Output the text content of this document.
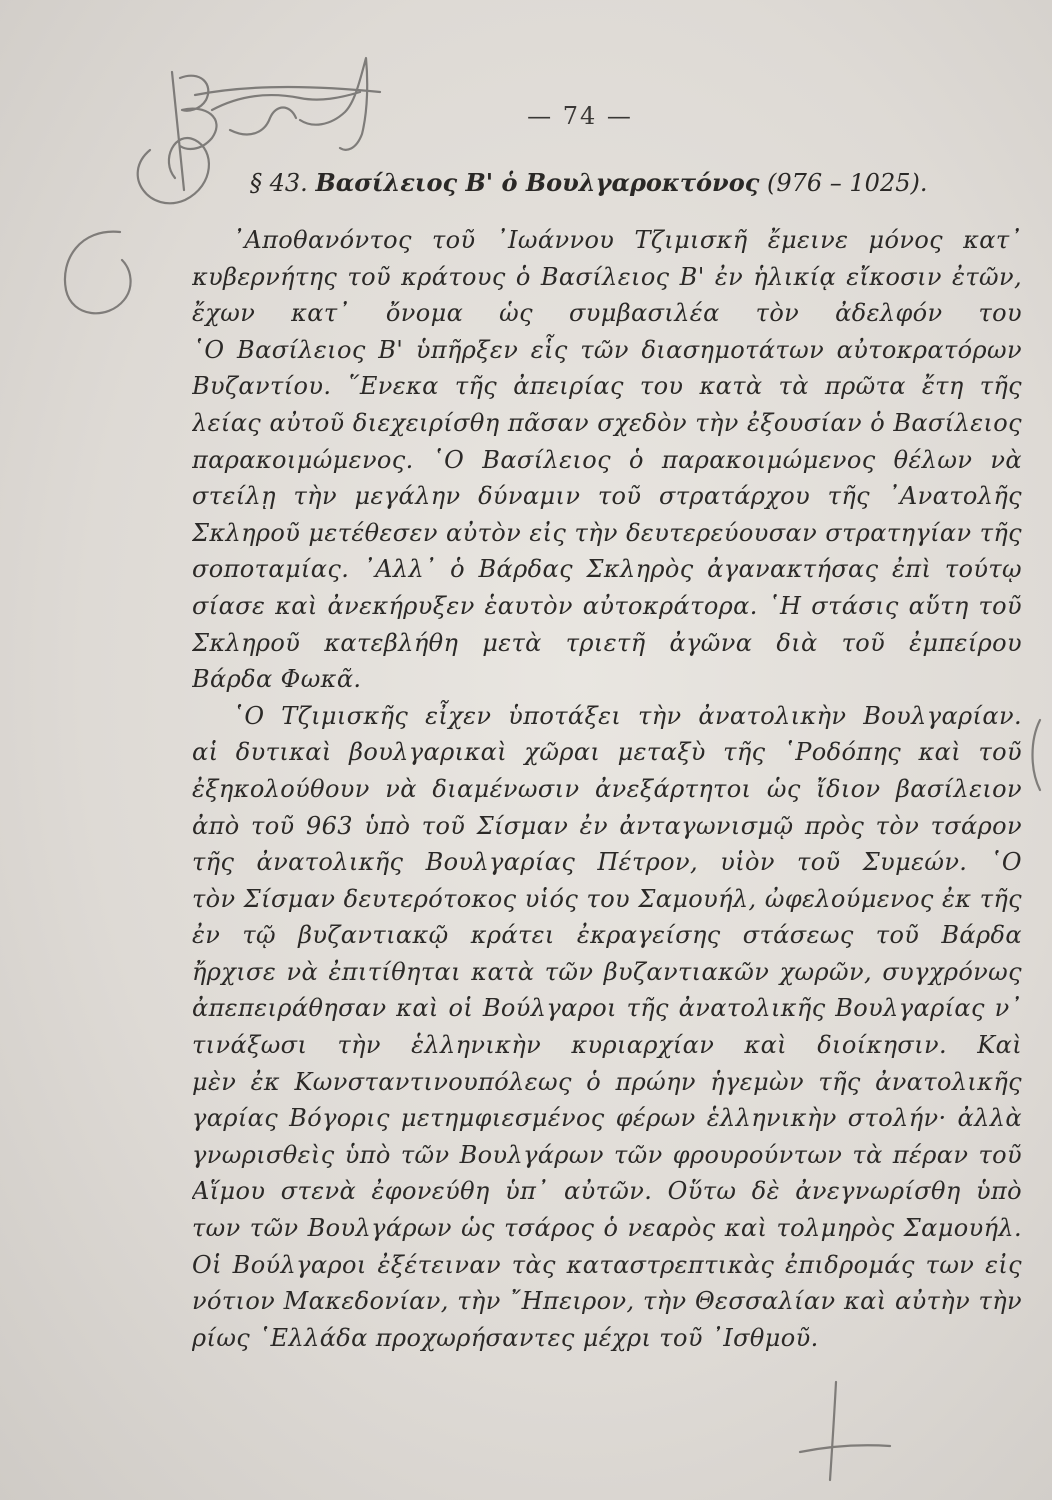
— 74 —
§ 43. Βασίλειος Β' ὁ Βουλγαροκτόνος (976 – 1025).
᾿Αποθανόντος τοῦ ᾿Ιωάννου Τζιμισκῆ ἔμεινε μόνος κατ᾿
κυβερνήτης τοῦ κράτους ὁ Βασίλειος Β' ἐν ἡλικίᾳ εἴκοσιν ἐτῶν,
ἔχων κατ᾿ ὄνομα ὡς συμβασιλέα τὸν ἀδελφόν του
῾Ο Βασίλειος Β' ὑπῆρξεν εἷς τῶν διασημοτάτων αὐτοκρατόρων
Βυζαντίου. ῞Ενεκα τῆς ἀπειρίας του κατὰ τὰ πρῶτα ἔτη τῆς
λείας αὐτοῦ διεχειρίσθη πᾶσαν σχεδὸν τὴν ἐξουσίαν ὁ Βασίλειος
παρακοιμώμενος. ῾Ο Βασίλειος ὁ παρακοιμώμενος θέλων νὰ
στείλῃ τὴν μεγάλην δύναμιν τοῦ στρατάρχου τῆς ᾿Ανατολῆς
Σκληροῦ μετέθεσεν αὐτὸν εἰς τὴν δευτερεύουσαν στρατηγίαν τῆς
σοποταμίας. ᾿Αλλ᾿ ὁ Βάρδας Σκληρὸς ἀγανακτήσας ἐπὶ τούτῳ
σίασε καὶ ἀνεκήρυξεν ἑαυτὸν αὐτοκράτορα. ῾Η στάσις αὕτη τοῦ
Σκληροῦ κατεβλήθη μετὰ τριετῆ ἀγῶνα διὰ τοῦ ἐμπείρου
Βάρδα Φωκᾶ.
῾Ο Τζιμισκῆς εἶχεν ὑποτάξει τὴν ἀνατολικὴν Βουλγαρίαν.
αἱ δυτικαὶ βουλγαρικαὶ χῶραι μεταξὺ τῆς ῾Ροδόπης καὶ τοῦ
ἐξηκολούθουν νὰ διαμένωσιν ἀνεξάρτητοι ὡς ἴδιον βασίλειον
ἀπὸ τοῦ 963 ὑπὸ τοῦ Σίσμαν ἐν ἀνταγωνισμῷ πρὸς τὸν τσάρον
τῆς ἀνατολικῆς Βουλγαρίας Πέτρον, υἱὸν τοῦ Συμεών. ῾Ο
τὸν Σίσμαν δευτερότοκος υἱός του Σαμουήλ, ὠφελούμενος ἐκ τῆς
ἐν τῷ βυζαντιακῷ κράτει ἐκραγείσης στάσεως τοῦ Βάρδα
ἤρχισε νὰ ἐπιτίθηται κατὰ τῶν βυζαντιακῶν χωρῶν, συγχρόνως
ἀπεπειράθησαν καὶ οἱ Βούλγαροι τῆς ἀνατολικῆς Βουλγαρίας ν᾿
τινάξωσι τὴν ἑλληνικὴν κυριαρχίαν καὶ διοίκησιν. Καὶ
μὲν ἐκ Κωνσταντινουπόλεως ὁ πρώην ἡγεμὼν τῆς ἀνατολικῆς
γαρίας Βόγορις μετημφιεσμένος φέρων ἑλληνικὴν στολήν· ἀλλὰ
γνωρισθεὶς ὑπὸ τῶν Βουλγάρων τῶν φρουρούντων τὰ πέραν τοῦ
Αἵμου στενὰ ἐφονεύθη ὑπ᾿ αὐτῶν. Οὕτω δὲ ἀνεγνωρίσθη ὑπὸ
των τῶν Βουλγάρων ὡς τσάρος ὁ νεαρὸς καὶ τολμηρὸς Σαμουήλ.
Οἱ Βούλγαροι ἐξέτειναν τὰς καταστρεπτικὰς ἐπιδρομάς των εἰς
νότιον Μακεδονίαν, τὴν ῎Ηπειρον, τὴν Θεσσαλίαν καὶ αὐτὴν τὴν
ρίως ῾Ελλάδα προχωρήσαντες μέχρι τοῦ ᾿Ισθμοῦ.
